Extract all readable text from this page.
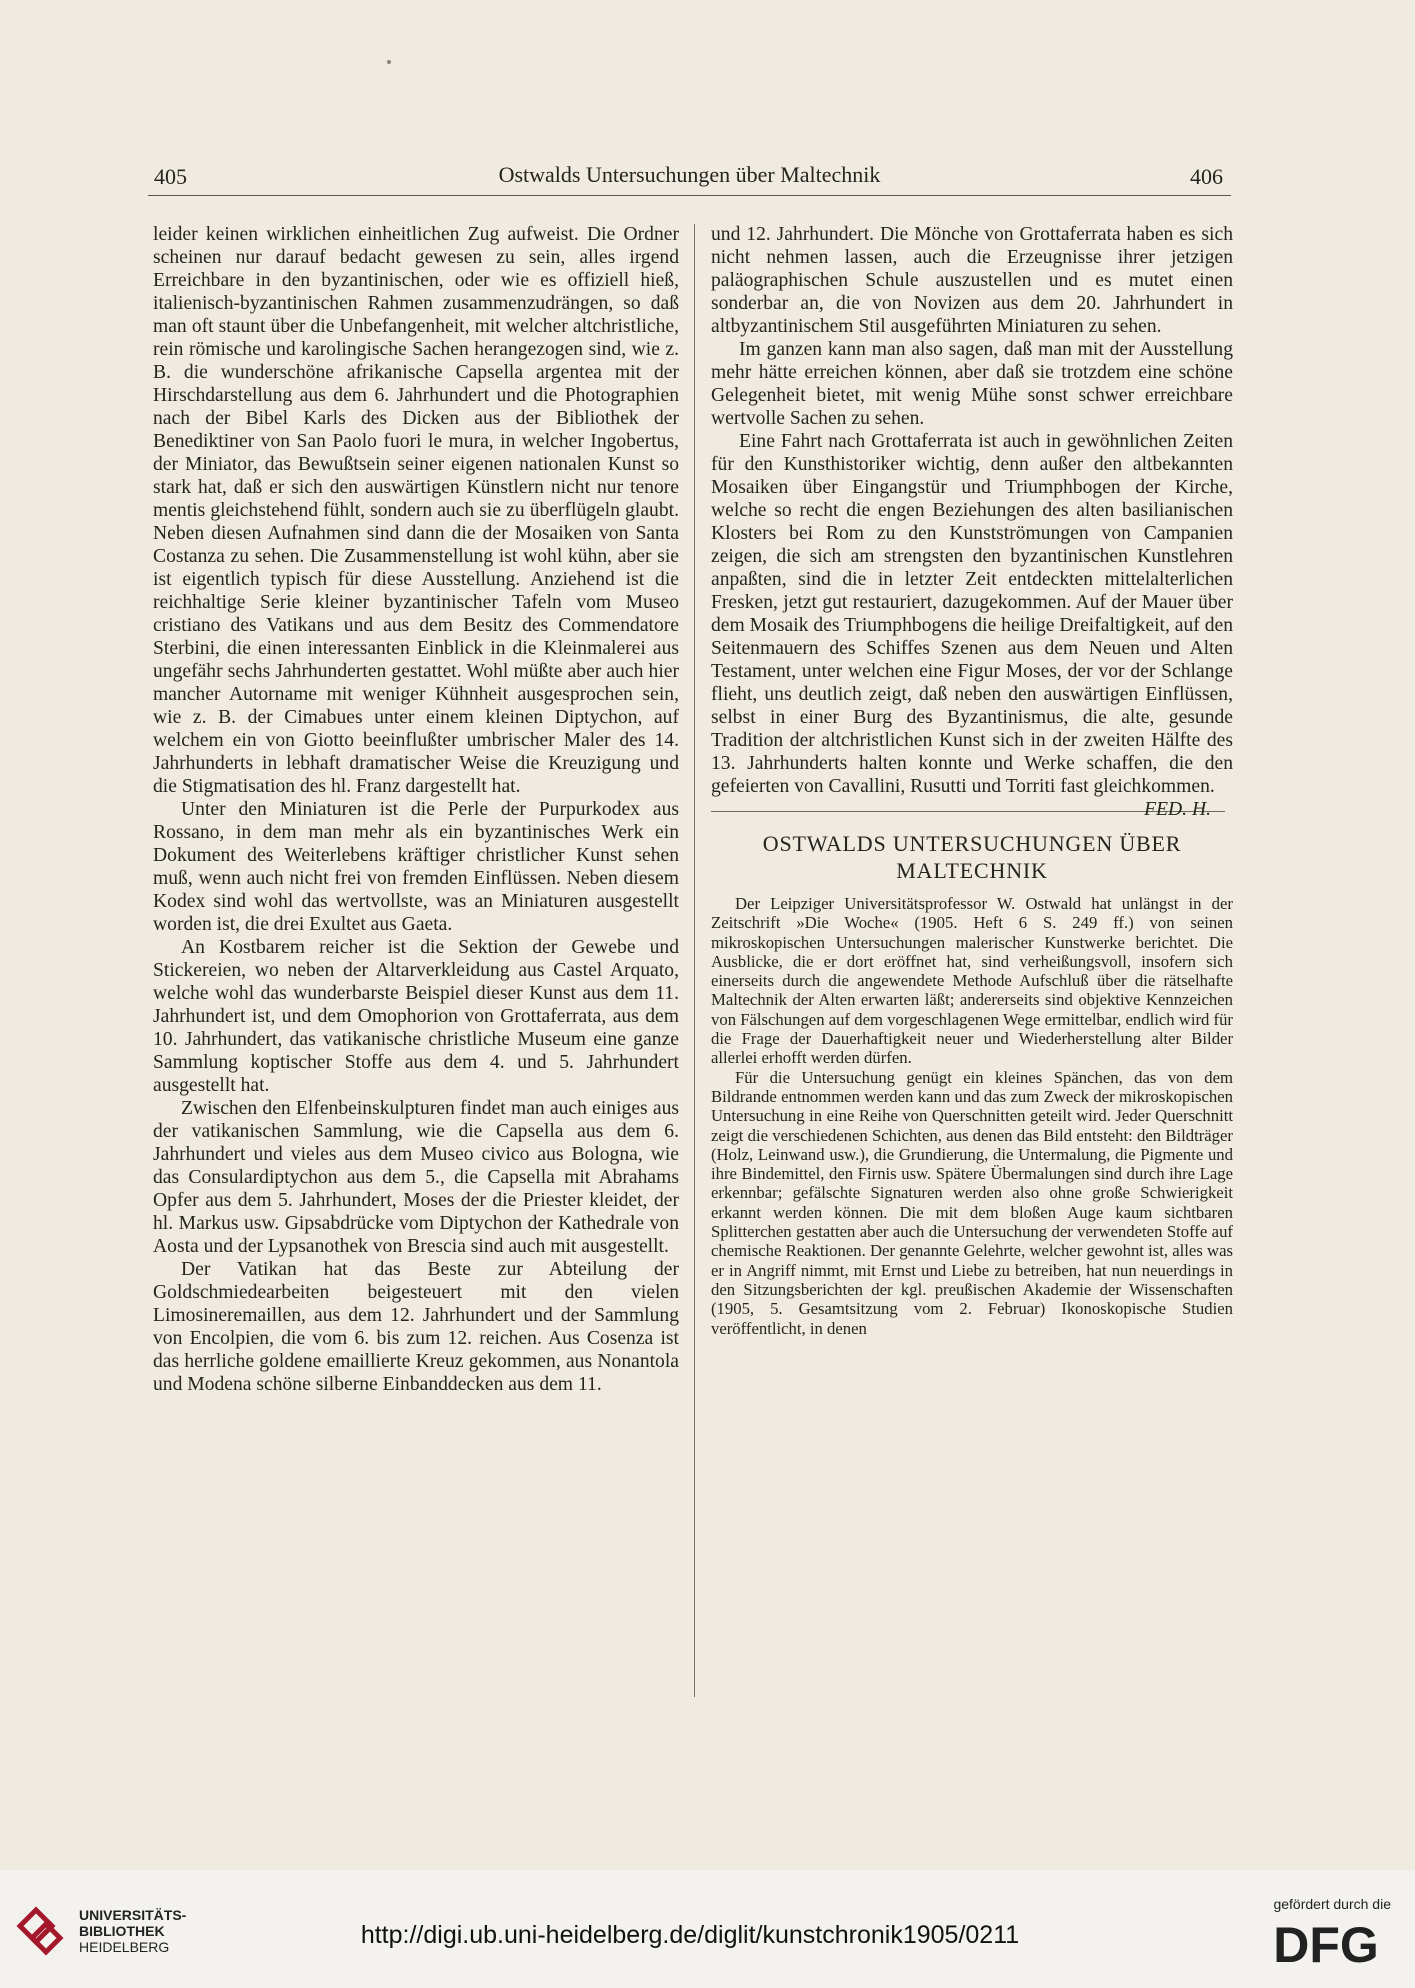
405	Ostwalds Untersuchungen über Maltechnik	406

leider keinen wirklichen einheitlichen Zug aufweist. Die Ordner scheinen nur darauf bedacht gewesen zu sein, alles irgend Erreichbare in den byzantinischen, oder wie es offiziell hieß, italienisch-byzantinischen Rahmen zusammenzudrängen, so daß man oft staunt über die Unbefangenheit, mit welcher altchristliche, rein römische und karolingische Sachen herangezogen sind, wie z. B. die wunderschöne afrikanische Capsella argentea mit der Hirschdarstellung aus dem 6. Jahrhundert und die Photographien nach der Bibel Karls des Dicken aus der Bibliothek der Benediktiner von San Paolo fuori le mura, in welcher Ingobertus, der Miniator, das Bewußtsein seiner eigenen nationalen Kunst so stark hat, daß er sich den auswärtigen Künstlern nicht nur tenore mentis gleichstehend fühlt, sondern auch sie zu überflügeln glaubt. Neben diesen Aufnahmen sind dann die der Mosaiken von Santa Costanza zu sehen. Die Zusammenstellung ist wohl kühn, aber sie ist eigentlich typisch für diese Ausstellung. Anziehend ist die reichhaltige Serie kleiner byzantinischer Tafeln vom Museo cristiano des Vatikans und aus dem Besitz des Commendatore Sterbini, die einen interessanten Einblick in die Kleinmalerei aus ungefähr sechs Jahrhunderten gestattet. Wohl müßte aber auch hier mancher Autorname mit weniger Kühnheit ausgesprochen sein, wie z. B. der Cimabues unter einem kleinen Diptychon, auf welchem ein von Giotto beeinflußter umbrischer Maler des 14. Jahrhunderts in lebhaft dramatischer Weise die Kreuzigung und die Stigmatisation des hl. Franz dargestellt hat.

Unter den Miniaturen ist die Perle der Purpurkodex aus Rossano, in dem man mehr als ein byzantinisches Werk ein Dokument des Weiterlebens kräftiger christlicher Kunst sehen muß, wenn auch nicht frei von fremden Einflüssen. Neben diesem Kodex sind wohl das wertvollste, was an Miniaturen ausgestellt worden ist, die drei Exultet aus Gaeta.

An Kostbarem reicher ist die Sektion der Gewebe und Stickereien, wo neben der Altarverkleidung aus Castel Arquato, welche wohl das wunderbarste Beispiel dieser Kunst aus dem 11. Jahrhundert ist, und dem Omophorion von Grottaferrata, aus dem 10. Jahrhundert, das vatikanische christliche Museum eine ganze Sammlung koptischer Stoffe aus dem 4. und 5. Jahrhundert ausgestellt hat.

Zwischen den Elfenbeinskulpturen findet man auch einiges aus der vatikanischen Sammlung, wie die Capsella aus dem 6. Jahrhundert und vieles aus dem Museo civico aus Bologna, wie das Consulardiptychon aus dem 5., die Capsella mit Abrahams Opfer aus dem 5. Jahrhundert, Moses der die Priester kleidet, der hl. Markus usw. Gipsabdrücke vom Diptychon der Kathedrale von Aosta und der Lypsanothek von Brescia sind auch mit ausgestellt.

Der Vatikan hat das Beste zur Abteilung der Goldschmiedearbeiten beigesteuert mit den vielen Limosineremaillen, aus dem 12. Jahrhundert und der Sammlung von Encolpien, die vom 6. bis zum 12. reichen. Aus Cosenza ist das herrliche goldene emaillierte Kreuz gekommen, aus Nonantola und Modena schöne silberne Einbanddecken aus dem 11.

und 12. Jahrhundert. Die Mönche von Grottaferrata haben es sich nicht nehmen lassen, auch die Erzeugnisse ihrer jetzigen paläographischen Schule auszustellen und es mutet einen sonderbar an, die von Novizen aus dem 20. Jahrhundert in altbyzantinischem Stil ausgeführten Miniaturen zu sehen.

Im ganzen kann man also sagen, daß man mit der Ausstellung mehr hätte erreichen können, aber daß sie trotzdem eine schöne Gelegenheit bietet, mit wenig Mühe sonst schwer erreichbare wertvolle Sachen zu sehen.

Eine Fahrt nach Grottaferrata ist auch in gewöhnlichen Zeiten für den Kunsthistoriker wichtig, denn außer den altbekannten Mosaiken über Eingangstür und Triumphbogen der Kirche, welche so recht die engen Beziehungen des alten basilianischen Klosters bei Rom zu den Kunstströmungen von Campanien zeigen, die sich am strengsten den byzantinischen Kunstlehren anpaßten, sind die in letzter Zeit entdeckten mittelalterlichen Fresken, jetzt gut restauriert, dazugekommen. Auf der Mauer über dem Mosaik des Triumphbogens die heilige Dreifaltigkeit, auf den Seitenmauern des Schiffes Szenen aus dem Neuen und Alten Testament, unter welchen eine Figur Moses, der vor der Schlange flieht, uns deutlich zeigt, daß neben den auswärtigen Einflüssen, selbst in einer Burg des Byzantinismus, die alte, gesunde Tradition der altchristlichen Kunst sich in der zweiten Hälfte des 13. Jahrhunderts halten konnte und Werke schaffen, die den gefeierten von Cavallini, Rusutti und Torriti fast gleichkommen.
FED. H.

OSTWALDS UNTERSUCHUNGEN ÜBER
MALTECHNIK

Der Leipziger Universitätsprofessor W. Ostwald hat unlängst in der Zeitschrift »Die Woche« (1905. Heft 6 S. 249 ff.) von seinen mikroskopischen Untersuchungen malerischer Kunstwerke berichtet. Die Ausblicke, die er dort eröffnet hat, sind verheißungsvoll, insofern sich einerseits durch die angewendete Methode Aufschluß über die rätselhafte Maltechnik der Alten erwarten läßt; andererseits sind objektive Kennzeichen von Fälschungen auf dem vorgeschlagenen Wege ermittelbar, endlich wird für die Frage der Dauerhaftigkeit neuer und Wiederherstellung alter Bilder allerlei erhofft werden dürfen.

Für die Untersuchung genügt ein kleines Spänchen, das von dem Bildrande entnommen werden kann und das zum Zweck der mikroskopischen Untersuchung in eine Reihe von Querschnitten geteilt wird. Jeder Querschnitt zeigt die verschiedenen Schichten, aus denen das Bild entsteht: den Bildträger (Holz, Leinwand usw.), die Grundierung, die Untermalung, die Pigmente und ihre Bindemittel, den Firnis usw. Spätere Übermalungen sind durch ihre Lage erkennbar; gefälschte Signaturen werden also ohne große Schwierigkeit erkannt werden können. Die mit dem bloßen Auge kaum sichtbaren Splitterchen gestatten aber auch die Untersuchung der verwendeten Stoffe auf chemische Reaktionen. Der genannte Gelehrte, welcher gewohnt ist, alles was er in Angriff nimmt, mit Ernst und Liebe zu betreiben, hat nun neuerdings in den Sitzungsberichten der kgl. preußischen Akademie der Wissenschaften (1905, 5. Gesamtsitzung vom 2. Februar) Ikonoskopische Studien veröffentlicht, in denen

UNIVERSITÄTS-
BIBLIOTHEK
HEIDELBERG	http://digi.ub.uni-heidelberg.de/diglit/kunstchronik1905/0211
gefördert durch die
DFG
